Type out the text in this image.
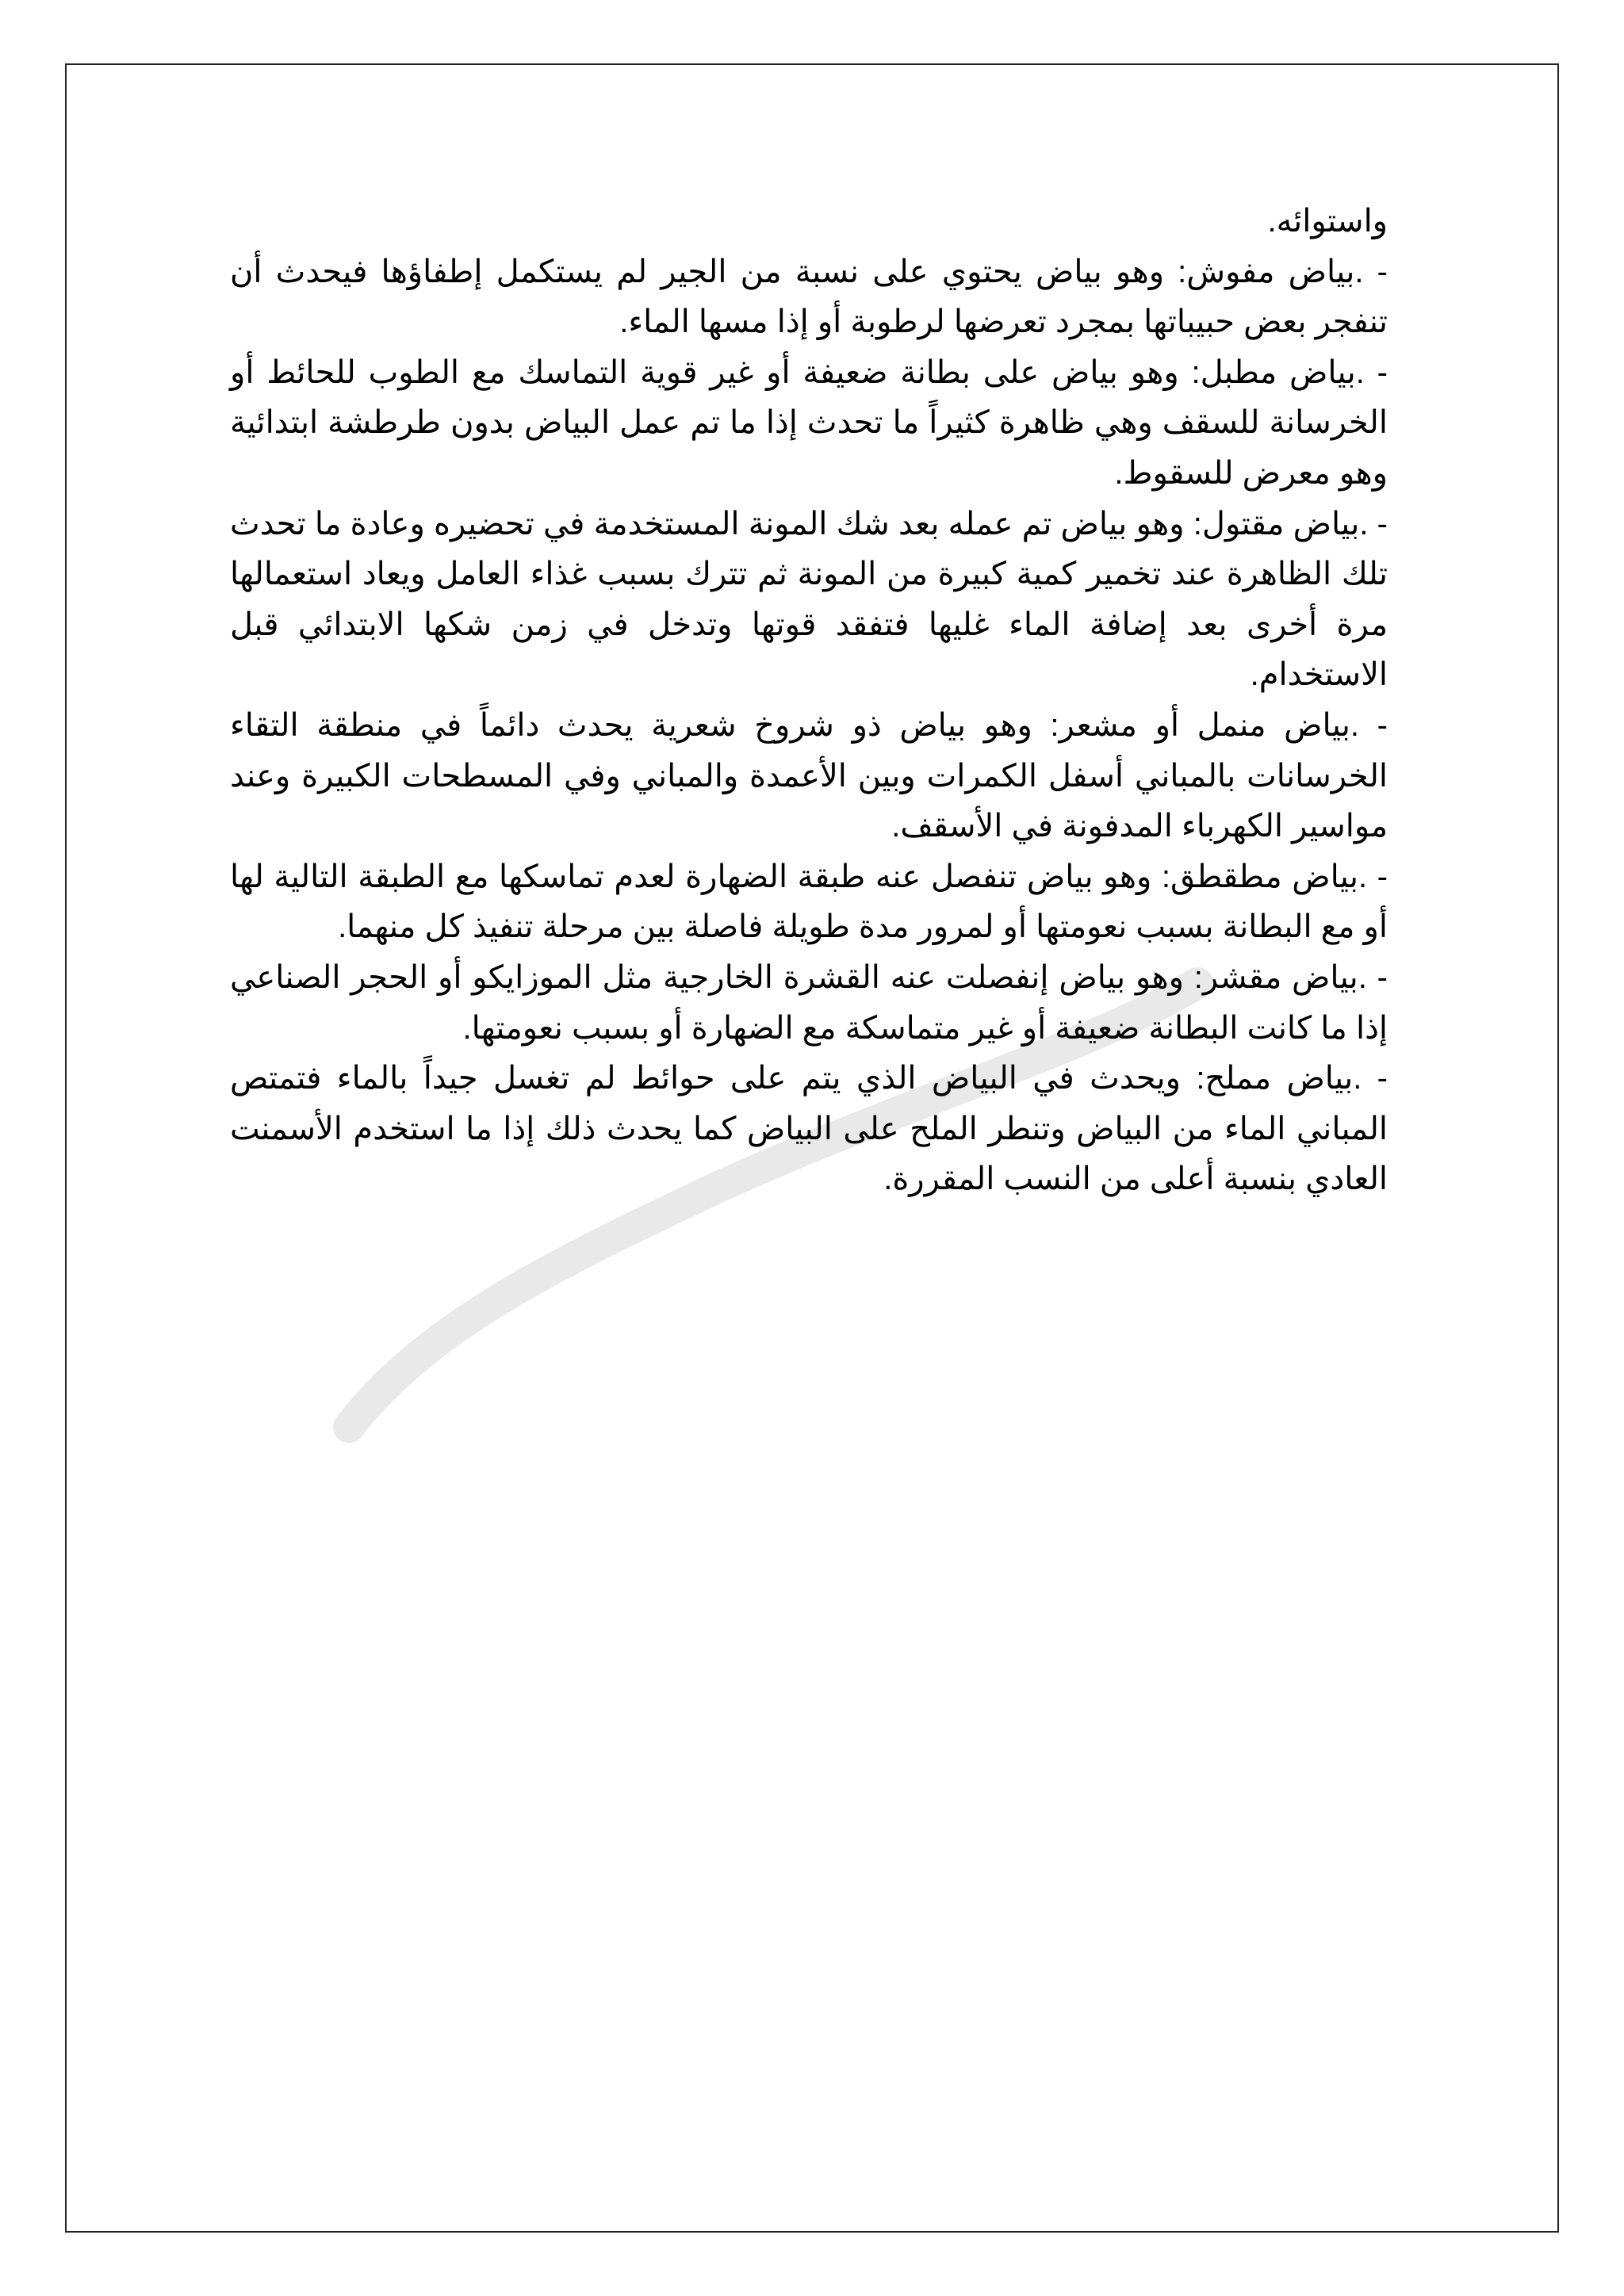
واستوائه.

- .بياض مفوش: وهو بياض يحتوي على نسبة من الجير لم يستكمل إطفاؤها فيحدث أن تنفجر بعض حبيباتها بمجرد تعرضها لرطوبة أو إذا مسها الماء.

- .بياض مطبل: وهو بياض على بطانة ضعيفة أو غير قوية التماسك مع الطوب للحائط أو الخرسانة للسقف وهي ظاهرة كثيراً ما تحدث إذا ما تم عمل البياض بدون طرطشة ابتدائية وهو معرض للسقوط.

- .بياض مقتول: وهو بياض تم عمله بعد شك المونة المستخدمة في تحضيره وعادة ما تحدث تلك الظاهرة عند تخمير كمية كبيرة من المونة ثم تترك بسبب غذاء العامل ويعاد استعمالها مرة أخرى بعد إضافة الماء غليها فتفقد قوتها وتدخل في زمن شكها الابتدائي قبل الاستخدام.

- .بياض منمل أو مشعر: وهو بياض ذو شروخ شعرية يحدث دائماً في منطقة التقاء الخرسانات بالمباني أسفل الكمرات وبين الأعمدة والمباني وفي المسطحات الكبيرة وعند مواسير الكهرباء المدفونة في الأسقف.

- .بياض مطقطق: وهو بياض تنفصل عنه طبقة الضهارة لعدم تماسكها مع الطبقة التالية لها أو مع البطانة بسبب نعومتها أو لمرور مدة طويلة فاصلة بين مرحلة تنفيذ كل منهما.

- .بياض مقشر: وهو بياض إنفصلت عنه القشرة الخارجية مثل الموزايكو أو الحجر الصناعي إذا ما كانت البطانة ضعيفة أو غير متماسكة مع الضهارة أو بسبب نعومتها.

- .بياض مملح: ويحدث في البياض الذي يتم على حوائط لم تغسل جيداً بالماء فتمتص المباني الماء من البياض وتنطر الملح على البياض كما يحدث ذلك إذا ما استخدم الأسمنت العادي بنسبة أعلى من النسب المقررة.
